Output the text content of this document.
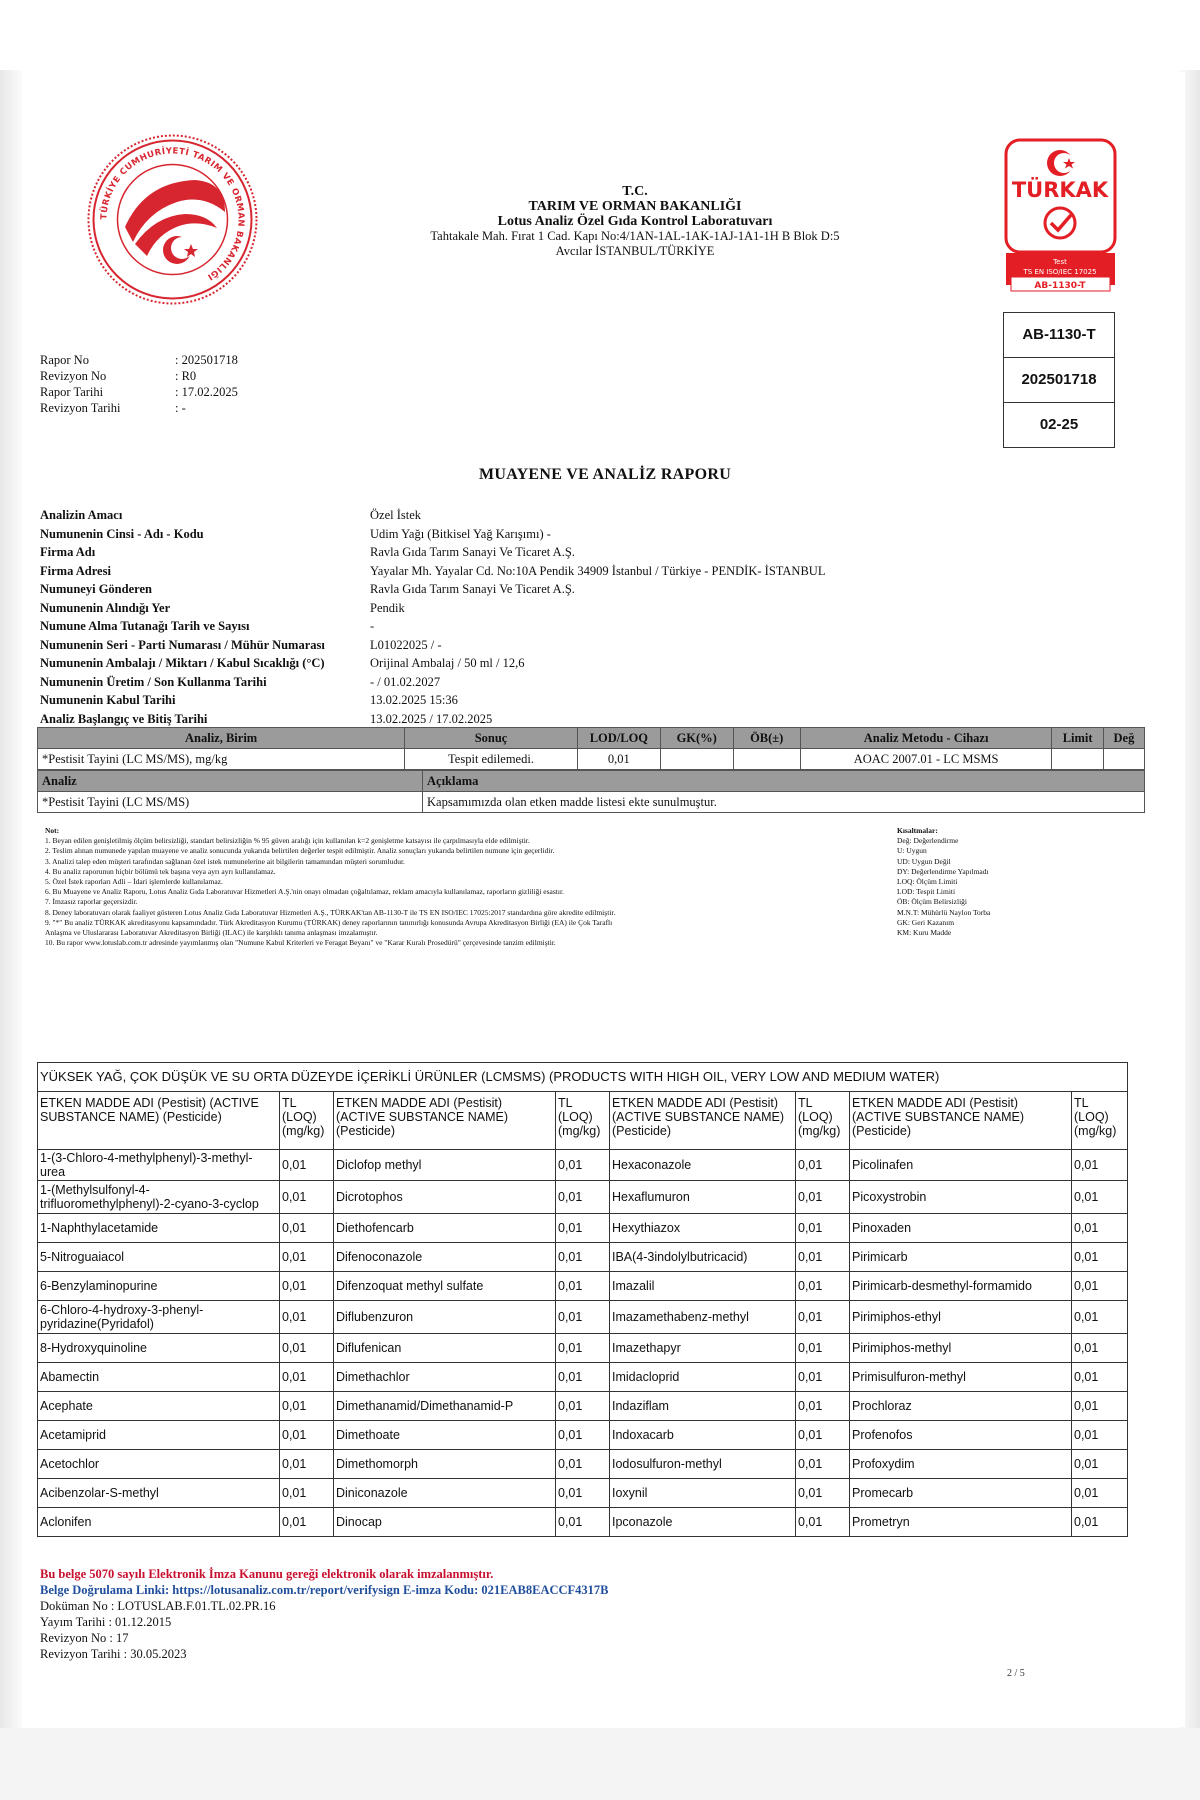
TÜRKİYE CUMHURİYETİ TARIM VE ORMAN BAKANLIĞI
T.C.
TARIM VE ORMAN BAKANLIĞI
Lotus Analiz Özel Gıda Kontrol Laboratuvarı
Tahtakale Mah. Fırat 1 Cad. Kapı No:4/1AN-1AL-1AK-1AJ-1A1-1H B Blok D:5
Avcılar İSTANBUL/TÜRKİYE
TÜRKAK
Test
TS EN ISO/IEC 17025
AB-1130-T
AB-1130-T
202501718
02-25
Rapor No	: 202501718
Revizyon No	: R0
Rapor Tarihi	: 17.02.2025
Revizyon Tarihi	: -
MUAYENE VE ANALİZ RAPORU
Analizin Amacı	Özel İstek
Numunenin Cinsi - Adı - Kodu	Udim Yağı (Bitkisel Yağ Karışımı) -
Firma Adı	Ravla Gıda Tarım Sanayi Ve Ticaret A.Ş.
Firma Adresi	Yayalar Mh. Yayalar Cd. No:10A Pendik 34909 İstanbul / Türkiye - PENDİK- İSTANBUL
Numuneyi Gönderen	Ravla Gıda Tarım Sanayi Ve Ticaret A.Ş.
Numunenin Alındığı Yer	Pendik
Numune Alma Tutanağı Tarih ve Sayısı	-
Numunenin Seri - Parti Numarası / Mühür Numarası	L01022025 / -
Numunenin Ambalajı / Miktarı / Kabul Sıcaklığı (°C)	Orijinal Ambalaj / 50 ml / 12,6
Numunenin Üretim / Son Kullanma Tarihi	- / 01.02.2027
Numunenin Kabul Tarihi	13.02.2025 15:36
Analiz Başlangıç ve Bitiş Tarihi	13.02.2025 / 17.02.2025
Analiz, Birim	Sonuç	LOD/LOQ	GK(%)	ÖB(±)	Analiz Metodu - Cihazı	Limit	Değ
*Pestisit Tayini (LC MS/MS), mg/kg	Tespit edilemedi.	0,01			AOAC 2007.01 - LC MSMS		
Analiz	Açıklama
*Pestisit Tayini (LC MS/MS)	Kapsamımızda olan etken madde listesi ekte sunulmuştur.
Not:
1. Beyan edilen genişletilmiş ölçüm belirsizliği, standart belirsizliğin % 95 güven aralığı için kullanılan k=2 genişletme katsayısı ile çarpılmasıyla elde edilmiştir.
2. Teslim alınan numunede yapılan muayene ve analiz sonucunda yukarıda belirtilen değerler tespit edilmiştir. Analiz sonuçları yukarıda belirtilen numune için geçerlidir.
3. Analizi talep eden müşteri tarafından sağlanan özel istek numunelerine ait bilgilerin tamamından müşteri sorumludur.
4. Bu analiz raporunun hiçbir bölümü tek başına veya ayrı ayrı kullanılamaz.
5. Özel İstek raporları Adli – İdari işlemlerde kullanılamaz.
6. Bu Muayene ve Analiz Raporu, Lotus Analiz Gıda Laboratuvar Hizmetleri A.Ş.'nin onayı olmadan çoğaltılamaz, reklam amacıyla kullanılamaz, raporların gizliliği esastır.
7. İmzasız raporlar geçersizdir.
8. Deney laboratuvarı olarak faaliyet gösteren Lotus Analiz Gıda Laboratuvar Hizmetleri A.Ş., TÜRKAK'tan AB-1130-T ile TS EN ISO/IEC 17025:2017 standardına göre akredite edilmiştir.
9. "*" Bu analiz TÜRKAK akreditasyonu kapsamındadır. Türk Akreditasyon Kurumu (TÜRKAK) deney raporlarının tanınırlığı konusunda Avrupa Akreditasyon Birliği (EA) ile Çok Taraflı
Anlaşma ve Uluslararası Laboratuvar Akreditasyon Birliği (ILAC) ile karşılıklı tanıma anlaşması imzalamıştır.
10. Bu rapor www.lotuslab.com.tr adresinde yayımlanmış olan "Numune Kabul Kriterleri ve Feragat Beyanı" ve "Karar Kuralı Prosedürü" çerçevesinde tanzim edilmiştir.
Kısaltmalar:
Değ: Değerlendirme
U: Uygun
UD: Uygun Değil
DY: Değerlendirme Yapılmadı
LOQ: Ölçüm Limiti
LOD: Tespit Limiti
ÖB: Ölçüm Belirsizliği
M.N.T: Mühürlü Naylon Torba
GK: Geri Kazanım
KM: Kuru Madde
YÜKSEK YAĞ, ÇOK DÜŞÜK VE SU ORTA DÜZEYDE İÇERİKLİ ÜRÜNLER (LCMSMS) (PRODUCTS WITH HIGH OIL, VERY LOW AND MEDIUM WATER)							
ETKEN MADDE ADI (Pestisit) (ACTIVE SUBSTANCE NAME) (Pesticide)	TL (LOQ) (mg/kg)	ETKEN MADDE ADI (Pestisit) (ACTIVE SUBSTANCE NAME) (Pesticide)	TL (LOQ) (mg/kg)	ETKEN MADDE ADI (Pestisit) (ACTIVE SUBSTANCE NAME) (Pesticide)	TL (LOQ) (mg/kg)	ETKEN MADDE ADI (Pestisit) (ACTIVE SUBSTANCE NAME) (Pesticide)	TL (LOQ) (mg/kg)
1-(3-Chloro-4-methylphenyl)-3-methyl-urea	0,01	Diclofop methyl	0,01	Hexaconazole	0,01	Picolinafen	0,01
1-(Methylsulfonyl-4-trifluoromethylphenyl)-2-cyano-3-cyclop	0,01	Dicrotophos	0,01	Hexaflumuron	0,01	Picoxystrobin	0,01
1-Naphthylacetamide	0,01	Diethofencarb	0,01	Hexythiazox	0,01	Pinoxaden	0,01
5-Nitroguaiacol	0,01	Difenoconazole	0,01	IBA(4-3indolylbutricacid)	0,01	Pirimicarb	0,01
6-Benzylaminopurine	0,01	Difenzoquat methyl sulfate	0,01	Imazalil	0,01	Pirimicarb-desmethyl-formamido	0,01
6-Chloro-4-hydroxy-3-phenyl-pyridazine(Pyridafol)	0,01	Diflubenzuron	0,01	Imazamethabenz-methyl	0,01	Pirimiphos-ethyl	0,01
8-Hydroxyquinoline	0,01	Diflufenican	0,01	Imazethapyr	0,01	Pirimiphos-methyl	0,01
Abamectin	0,01	Dimethachlor	0,01	Imidacloprid	0,01	Primisulfuron-methyl	0,01
Acephate	0,01	Dimethanamid/Dimethanamid-P	0,01	Indaziflam	0,01	Prochloraz	0,01
Acetamiprid	0,01	Dimethoate	0,01	Indoxacarb	0,01	Profenofos	0,01
Acetochlor	0,01	Dimethomorph	0,01	Iodosulfuron-methyl	0,01	Profoxydim	0,01
Acibenzolar-S-methyl	0,01	Diniconazole	0,01	Ioxynil	0,01	Promecarb	0,01
Aclonifen	0,01	Dinocap	0,01	Ipconazole	0,01	Prometryn	0,01
Bu belge 5070 sayılı Elektronik İmza Kanunu gereği elektronik olarak imzalanmıştır.
Belge Doğrulama Linki: https://lotusanaliz.com.tr/report/verifysign E-imza Kodu: 021EAB8EACCF4317B
Doküman No : LOTUSLAB.F.01.TL.02.PR.16
Yayım Tarihi : 01.12.2015
Revizyon No : 17
Revizyon Tarihi : 30.05.2023
2 / 5
